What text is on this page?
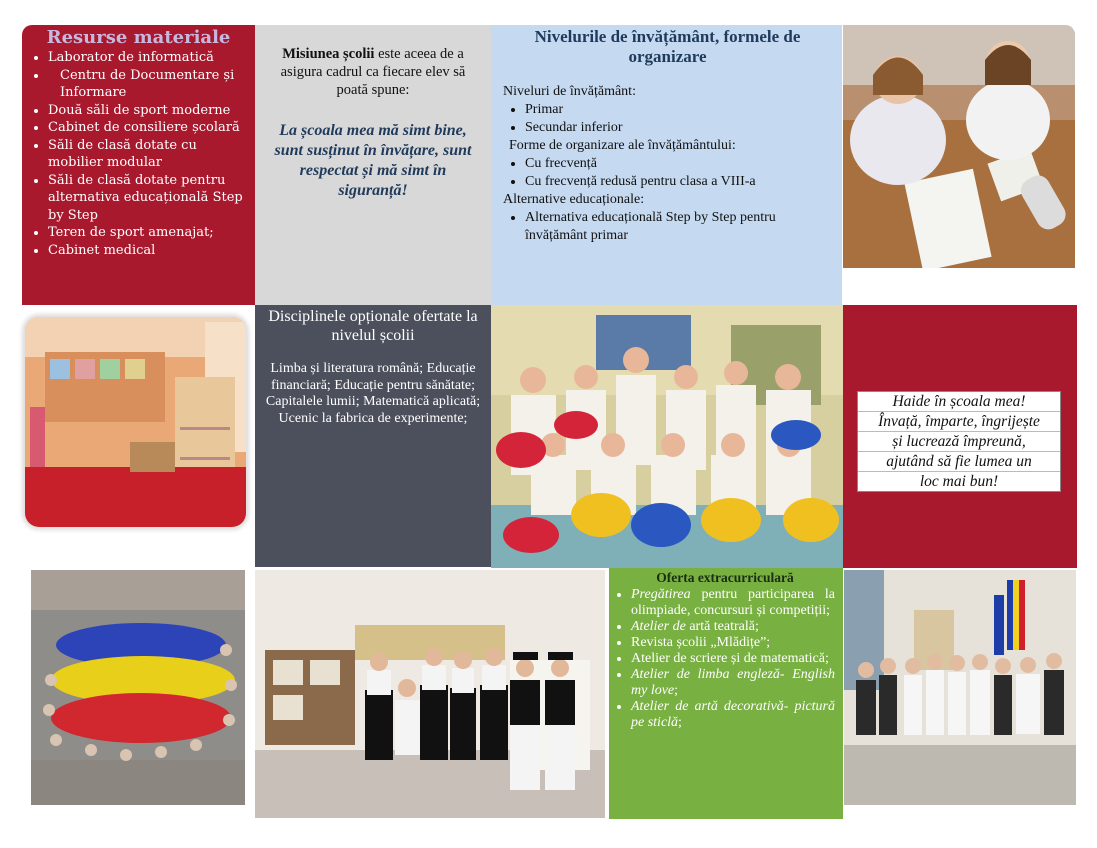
Resurse materiale
• Laborator de informatică
• Centru de Documentare și Informare
• Două săli de sport moderne
• Cabinet de consiliere școlară
• Săli de clasă dotate cu mobilier modular
• Săli de clasă dotate pentru alternativa educațională Step by Step
• Teren de sport amenajat;
• Cabinet medical
Misiunea școlii este aceea de a asigura cadrul ca fiecare elev să poată spune:
La școala mea mă simt bine, sunt susținut în învățare, sunt respectat și mă simt în siguranță!
Nivelurile de învățământ, formele de organizare
Niveluri de învățământ:
• Primar
• Secundar inferior
Forme de organizare ale învățământului:
• Cu frecvență
• Cu frecvență redusă pentru clasa a VIII-a
Alternative educaționale:
• Alternativa educațională Step by Step pentru învățământ primar
Disciplinele opționale ofertate la nivelul școlii

Limba și literatura română; Educație financiară; Educație pentru sănătate; Capitalele lumii; Matematică aplicată; Ucenic la fabrica de experimente;

Haide în școala mea!
Învață, împarte, îngrijește
și lucrează împreună,
ajutând să fie lumea un
loc mai bun!
Oferta extracurriculară
• Pregătirea pentru participarea la olimpiade, concursuri și competiții;
• Atelier de artă teatrală;
• Revista școlii „Mlădițe”;
• Atelier de scriere și de matematică;
• Atelier de limba engleză- English my love;
• Atelier de artă decorativă- pictură pe sticlă;
